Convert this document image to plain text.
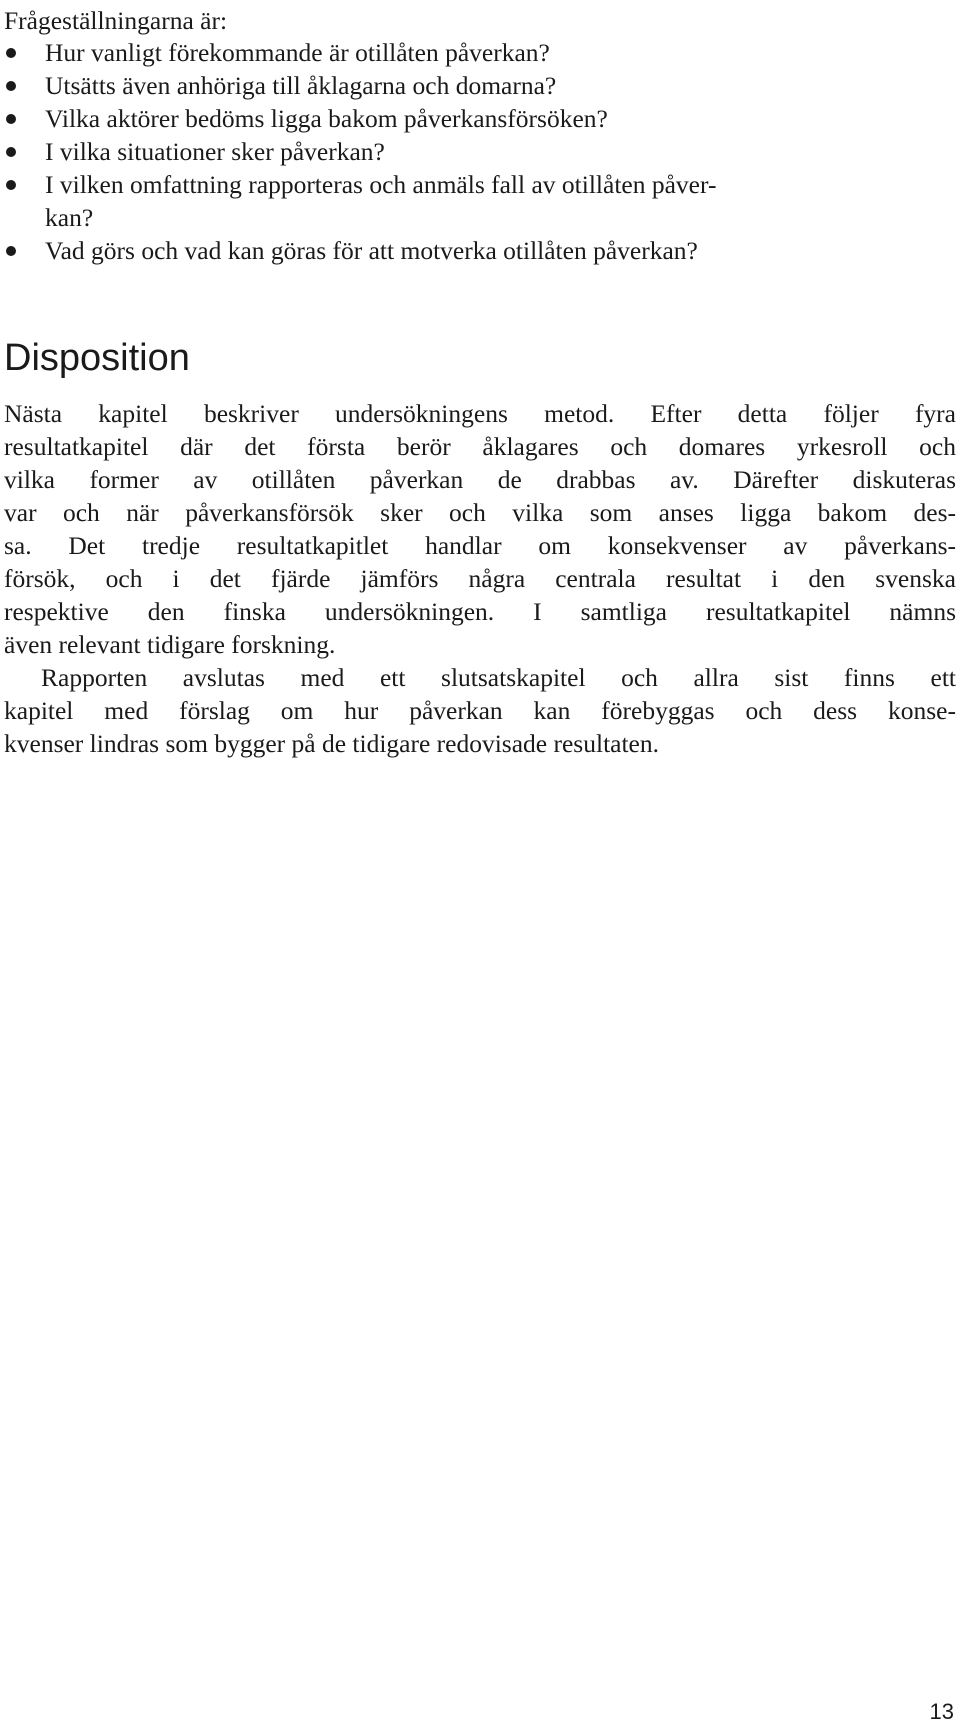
Frågeställningarna är:
Hur vanligt förekommande är otillåten påverkan?
Utsätts även anhöriga till åklagarna och domarna?
Vilka aktörer bedöms ligga bakom påverkansförsöken?
I vilka situationer sker påverkan?
I vilken omfattning rapporteras och anmäls fall av otillåten påver-
kan?
Vad görs och vad kan göras för att motverka otillåten påverkan?
Disposition
Nästa kapitel beskriver undersökningens metod. Efter detta följer fyra
resultatkapitel där det första berör åklagares och domares yrkesroll och
vilka former av otillåten påverkan de drabbas av. Därefter diskuteras
var och när påverkansförsök sker och vilka som anses ligga bakom des-
sa. Det tredje resultatkapitlet handlar om konsekvenser av påverkans-
försök, och i det fjärde jämförs några centrala resultat i den svenska
respektive den finska undersökningen. I samtliga resultatkapitel nämns
även relevant tidigare forskning.
Rapporten avslutas med ett slutsatskapitel och allra sist finns ett
kapitel med förslag om hur påverkan kan förebyggas och dess konse-
kvenser lindras som bygger på de tidigare redovisade resultaten.
13
